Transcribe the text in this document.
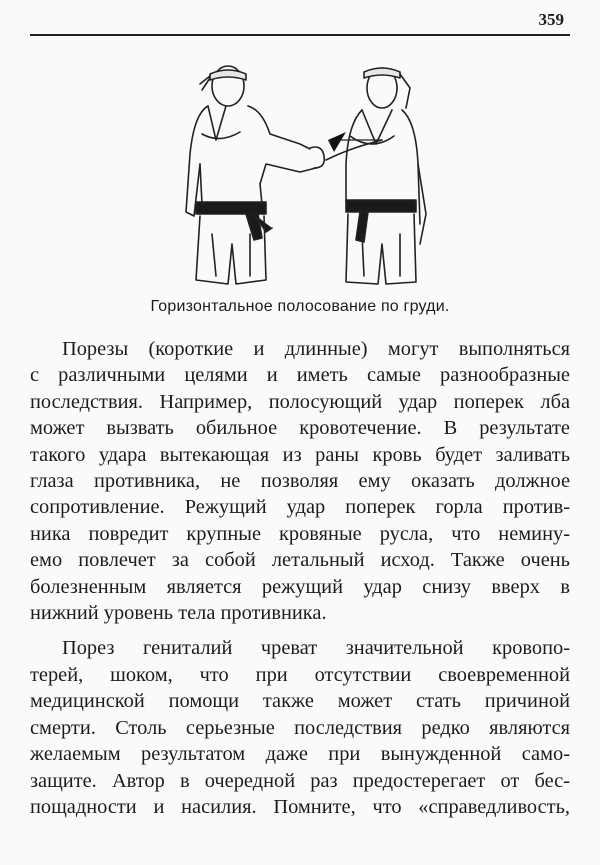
359
Горизонтальное полосование по груди.
Порезы (короткие и длинные) могут выполняться
с различными целями и иметь самые разнообразные
последствия. Например, полосующий удар поперек лба
может вызвать обильное кровотечение. В результате
такого удара вытекающая из раны кровь будет заливать
глаза противника, не позволяя ему оказать должное
сопротивление. Режущий удар поперек горла против-
ника повредит крупные кровяные русла, что немину-
емо повлечет за собой летальный исход. Также очень
болезненным является режущий удар снизу вверх в
нижний уровень тела противника.
Порез гениталий чреват значительной кровопо-
терей, шоком, что при отсутствии своевременной
медицинской помощи также может стать причиной
смерти. Столь серьезные последствия редко являются
желаемым результатом даже при вынужденной само-
защите. Автор в очередной раз предостерегает от бес-
пощадности и насилия. Помните, что «справедливость,
